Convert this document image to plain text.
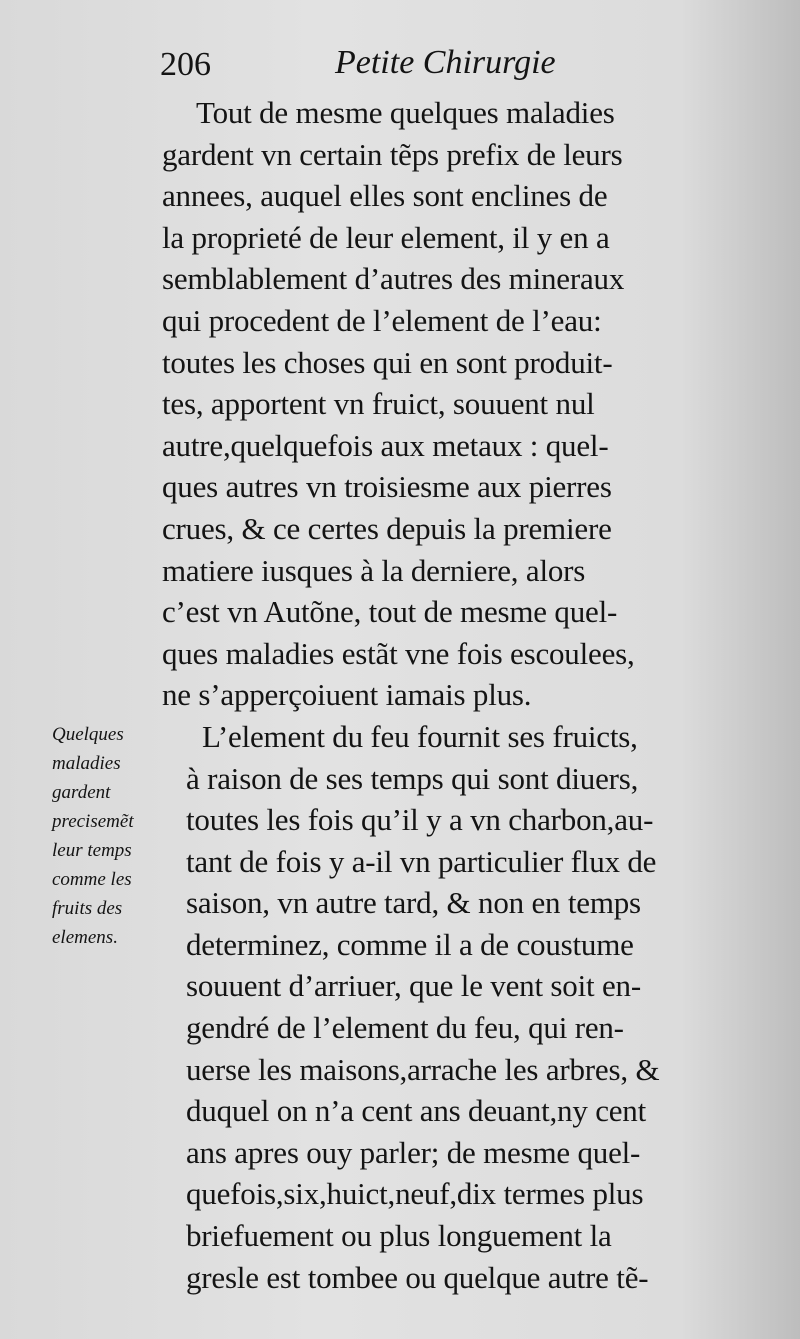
206	Petite Chirurgie
Tout de mesme quelques maladies
gardent vn certain tẽps prefix de leurs
annees, auquel elles sont enclines de
la proprieté de leur element, il y en a
semblablement d’autres des mineraux
qui procedent de l’element de l’eau:
toutes les choses qui en sont produit-
tes, apportent vn fruict, souuent nul
autre,quelquefois aux metaux : quel-
ques autres vn troisiesme aux pierres
crues, & ce certes depuis la premiere
matiere iusques à la derniere, alors
c’est vn Autõne, tout de mesme quel-
ques maladies estãt vne fois escoulees,
ne s’apperçoiuent iamais plus.
L’element du feu fournit ses fruicts,
à raison de ses temps qui sont diuers,
toutes les fois qu’il y a vn charbon,au-
tant de fois y a-il vn particulier flux de
saison, vn autre tard, & non en temps
determinez, comme il a de coustume
souuent d’arriuer, que le vent soit en-
gendré de l’element du feu, qui ren-
uerse les maisons,arrache les arbres, &
duquel on n’a cent ans deuant,ny cent
ans apres ouy parler; de mesme quel-
quefois,six,huict,neuf,dix termes plus
briefuement ou plus longuement la
gresle est tombee ou quelque autre tẽ-
Quelques
maladies
gardent
precisemẽt
leur temps
comme les
fruits des
elemens.
